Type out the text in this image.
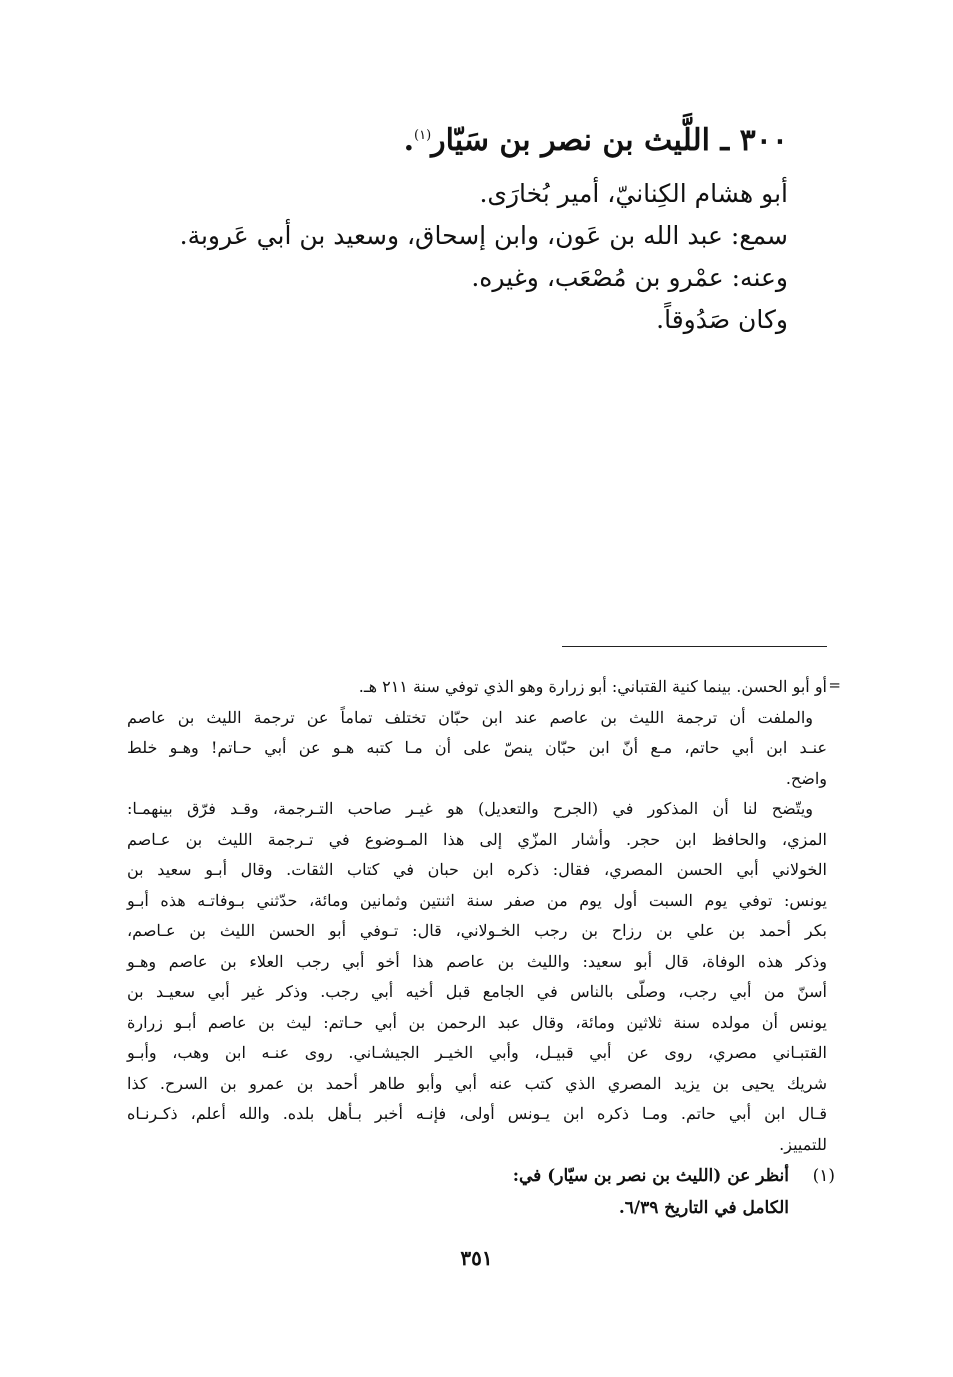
٣٠٠ ـ اللَّيث بن نصر بن سَيّار$^{(١)}$.

أبو هشام الكِنانيّ، أمير بُخارَى.

سمع: عبد الله بن عَون، وابن إسحاق، وسعيد بن أبي عَروبة.

وعنه: عمْرو بن مُصْعَب، وغيره.

وكان صَدُوقاً.

=

أو أبو الحسن. بينما كنية القتباني: أبو زرارة وهو الذي توفي سنة ٢١١ هـ.

والملفت أن ترجمة الليث بن عاصم عند ابن حبّان تختلف تماماً عن ترجمة الليث بن عاصم

عنـد ابن أبي حاتم، مـع أنّ ابن حبّان ينصّ على أن مـا كتبه هـو عن أبي حـاتم! وهـو خلط

واضح.

ويتّضح لنا أن المذكور في (الجرح والتعديل) هو غيـر صاحب التـرجمة، وقـد فرّق بينهمـا:

المزي، والحافظ ابن حجر. وأشار المزّي إلى هذا المـوضوع في تـرجمة الليث بن عـاصم

الخولاني أبي الحسن المصري، فقال: ذكره ابن حبان في كتاب الثقات. وقال أبـو سعيد بن

يونس: توفي يوم السبت أول يوم من صفر سنة اثنتين وثمانين ومائة، حدّثني بـوفاتـه هذه أبـو

بكر أحمد بن علي بن رزاح بن رجب الخـولاني، قال: تـوفي أبو الحسن الليث بن عـاصم،

وذكر هذه الوفاة، قال أبو سعيد: والليث بن عاصم هذا أخو أبي رجب العلاء بن عاصم وهـو

أسنّ من أبي رجب، وصلّى بالناس في الجامع قبل أخيه أبي رجب. وذكر غير أبي سعيـد بن

يونس أن مولده سنة ثلاثين ومائة، وقال عبد الرحمن بن أبي حـاتم: ليث بن عاصم أبـو زرارة

القتبـاني مصري، روى عن أبي قبيـل، وأبي الخيـر الجيشـاني. روى عنـه ابن وهب، وأبـو

شريك يحيى بن يزيد المصري الذي كتب عنه أبي وأبو طاهر أحمد بن عمرو بن السرح. كذا

قـال ابن أبي حاتم. ومـا ذكره ابن يـونس أولى، فإنـه أخبر بـأهل بلده. والله أعلم، ذكـرنـاه

للتمييز.

(١)

أنظر عن (الليث بن نصر بن سيّار) في:

الكامل في التاريخ ٦/٣٩.

٣٥١
